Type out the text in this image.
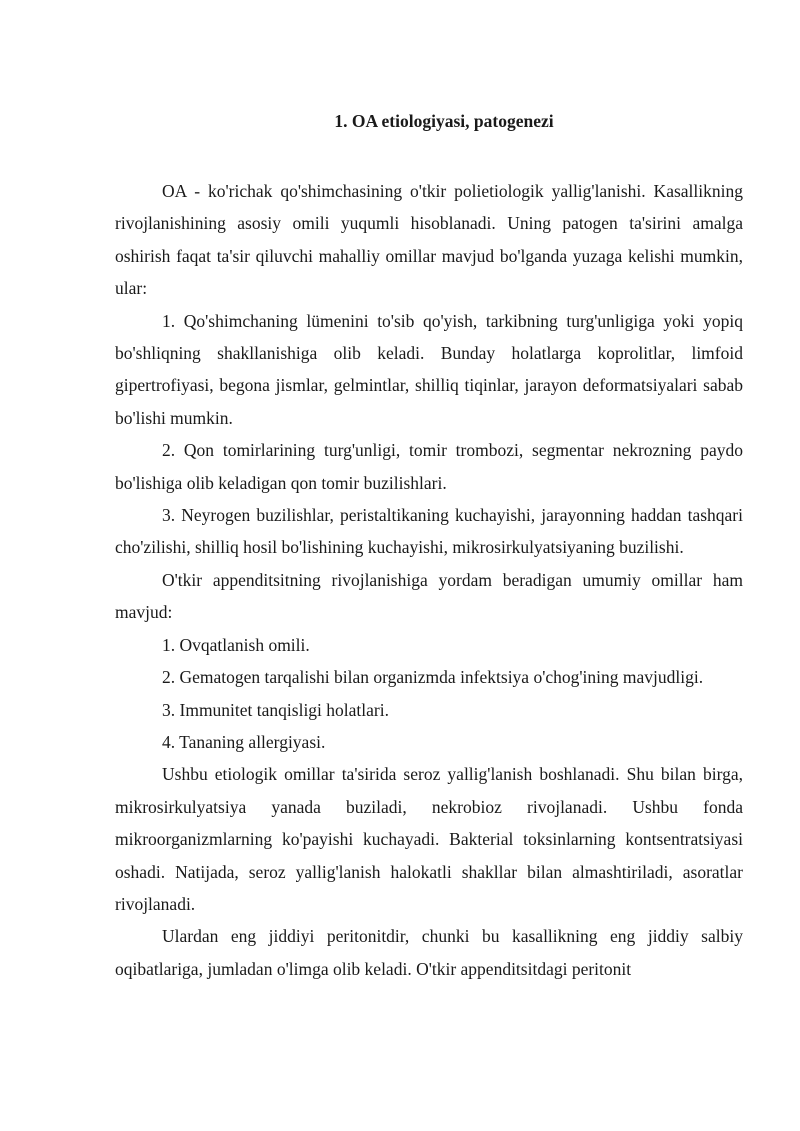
1. OA etiologiyasi, patogenezi

OA - ko'richak qo'shimchasining o'tkir polietiologik yallig'lanishi. Kasallikning rivojlanishining asosiy omili yuqumli hisoblanadi. Uning patogen ta'sirini amalga oshirish faqat ta'sir qiluvchi mahalliy omillar mavjud bo'lganda yuzaga kelishi mumkin, ular:

1. Qo'shimchaning lümenini to'sib qo'yish, tarkibning turg'unligiga yoki yopiq bo'shliqning shakllanishiga olib keladi. Bunday holatlarga koprolitlar, limfoid gipertrofiyasi, begona jismlar, gelmintlar, shilliq tiqinlar, jarayon deformatsiyalari sabab bo'lishi mumkin.

2. Qon tomirlarining turg'unligi, tomir trombozi, segmentar nekrozning paydo bo'lishiga olib keladigan qon tomir buzilishlari.

3. Neyrogen buzilishlar, peristaltikaning kuchayishi, jarayonning haddan tashqari cho'zilishi, shilliq hosil bo'lishining kuchayishi, mikrosirkulyatsiyaning buzilishi.

O'tkir appenditsitning rivojlanishiga yordam beradigan umumiy omillar ham mavjud:

1. Ovqatlanish omili.

2. Gematogen tarqalishi bilan organizmda infektsiya o'chog'ining mavjudligi.

3. Immunitet tanqisligi holatlari.

4. Tananing allergiyasi.

Ushbu etiologik omillar ta'sirida seroz yallig'lanish boshlanadi. Shu bilan birga, mikrosirkulyatsiya yanada buziladi, nekrobioz rivojlanadi. Ushbu fonda mikroorganizmlarning ko'payishi kuchayadi. Bakterial toksinlarning kontsentratsiyasi oshadi. Natijada, seroz yallig'lanish halokatli shakllar bilan almashtiriladi, asoratlar rivojlanadi.

Ulardan eng jiddiyi peritonitdir, chunki bu kasallikning eng jiddiy salbiy oqibatlariga, jumladan o'limga olib keladi. O'tkir appenditsitdagi peritonit
